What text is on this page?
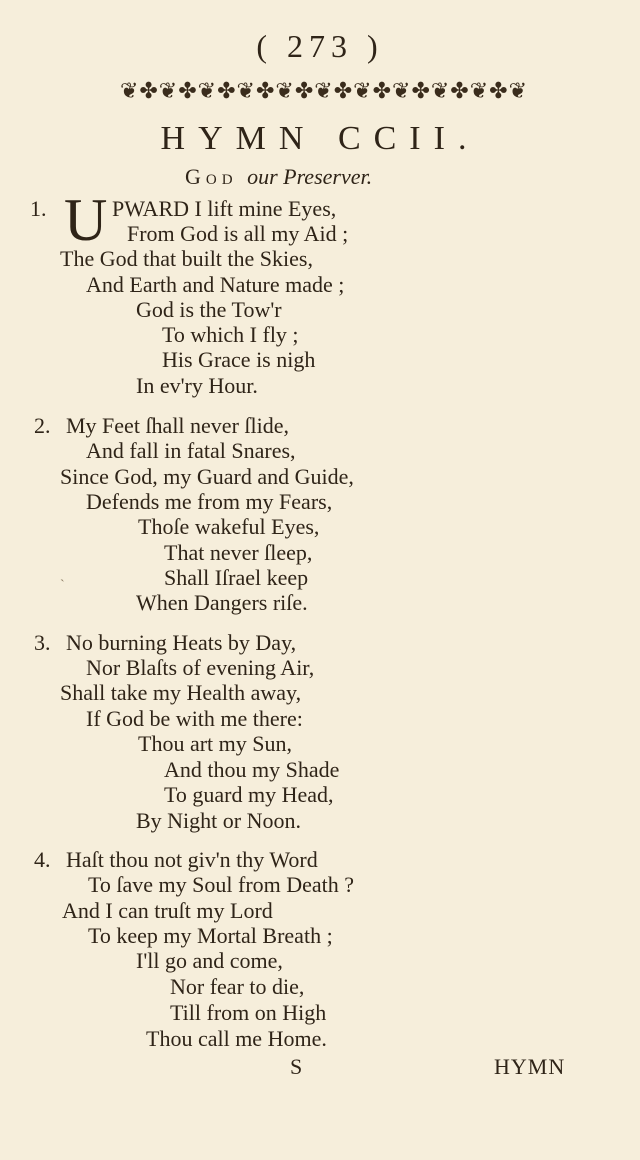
( 273 )
❦✤❦✤❦✤❦✤❦✤❦✤❦✤❦✤❦✤❦✤❦
HYMN CCII.
God our Preserver.
1. U PWARD I lift mine Eyes,
From God is all my Aid ;
The God that built the Skies,
And Earth and Nature made ;
God is the Tow'r
To which I fly ;
His Grace is nigh
In ev'ry Hour.
2. My Feet ſhall never ſlide,
And fall in fatal Snares,
Since God, my Guard and Guide,
Defends me from my Fears,
Thoſe wakeful Eyes,
That never ſleep,
Shall Iſrael keep
When Dangers riſe.
3. No burning Heats by Day,
Nor Blaſts of evening Air,
Shall take my Health away,
If God be with me there:
Thou art my Sun,
And thou my Shade
To guard my Head,
By Night or Noon.
4. Haſt thou not giv'n thy Word
To ſave my Soul from Death ?
And I can truſt my Lord
To keep my Mortal Breath ;
I'll go and come,
Nor fear to die,
Till from on High
Thou call me Home.
S	HYMN
ˋ
